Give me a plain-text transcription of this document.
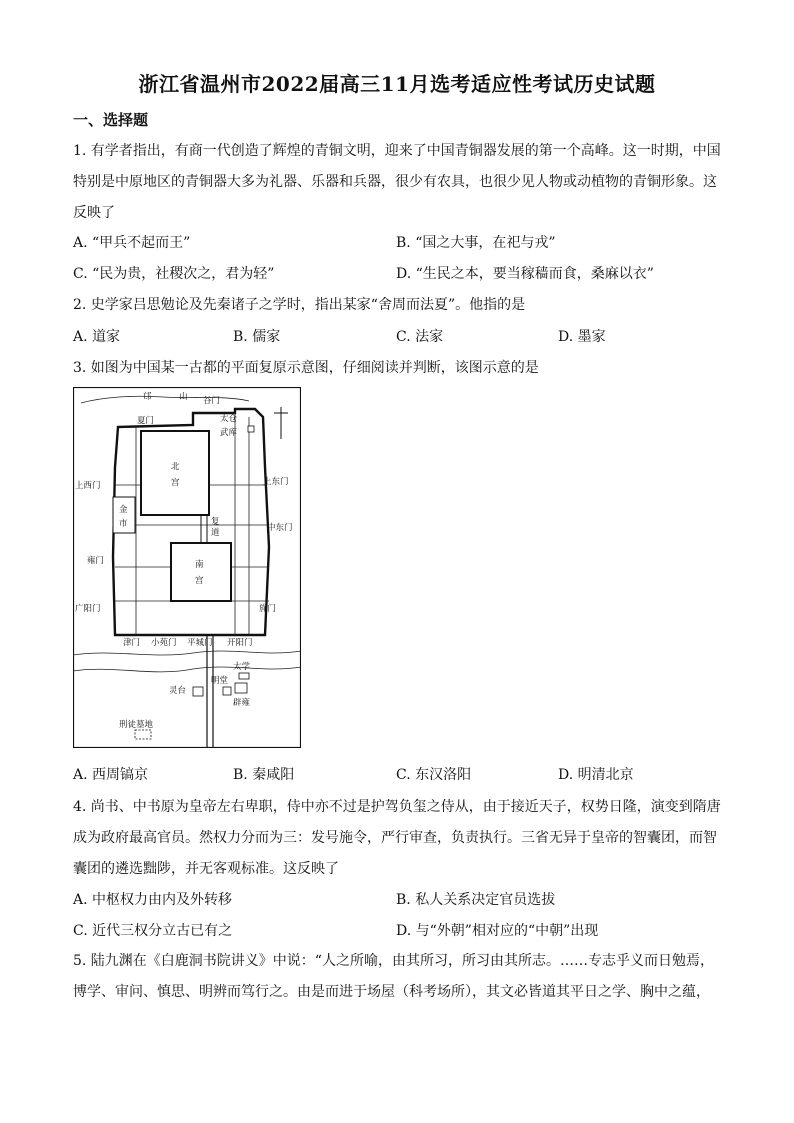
浙江省温州市2022届高三11月选考适应性考试历史试题
一、选择题

1. 有学者指出，有商一代创造了辉煌的青铜文明，迎来了中国青铜器发展的第一个高峰。这一时期，中国

特别是中原地区的青铜器大多为礼器、乐器和兵器，很少有农具，也很少见人物或动植物的青铜形象。这

反映了

A. “甲兵不起而王”	B. “国之大事，在祀与戎”
C. “民为贵，社稷次之，君为轻”	D. “生民之本，要当稼穑而食，桑麻以衣”
2. 史学家吕思勉论及先秦诸子之学时，指出某家“舍周而法夏”。他指的是
A. 道家	B. 儒家	C. 法家	D. 墨家
3. 如图为中国某一古都的平面复原示意图，仔细阅读并判断，该图示意的是
邙	山 谷门
金
市
北
宫
复
道
南
宫
太仓
武库
夏门
上西门	上东门
中东门
雍门
广阳门	旄门
津门 小苑门 平城门 开阳门
太学
明堂
灵台
辟雍
刑徒墓地
A. 西周镐京	B. 秦咸阳	C. 东汉洛阳	D. 明清北京

4. 尚书、中书原为皇帝左右卑职，侍中亦不过是护驾负玺之侍从，由于接近天子，权势日隆，演变到隋唐

成为政府最高官员。然权力分而为三：发号施令，严行审查，负责执行。三省无异于皇帝的智囊团，而智

囊团的遴选黜陟，并无客观标准。这反映了

A. 中枢权力由内及外转移	B. 私人关系决定官员选拔
C. 近代三权分立古已有之	D. 与“外朝”相对应的“中朝”出现

5. 陆九渊在《白鹿洞书院讲义》中说：“人之所喻，由其所习，所习由其所志。……专志乎义而日勉焉，

博学、审问、慎思、明辨而笃行之。由是而进于场屋（科考场所），其文必皆道其平日之学、胸中之蕴，
